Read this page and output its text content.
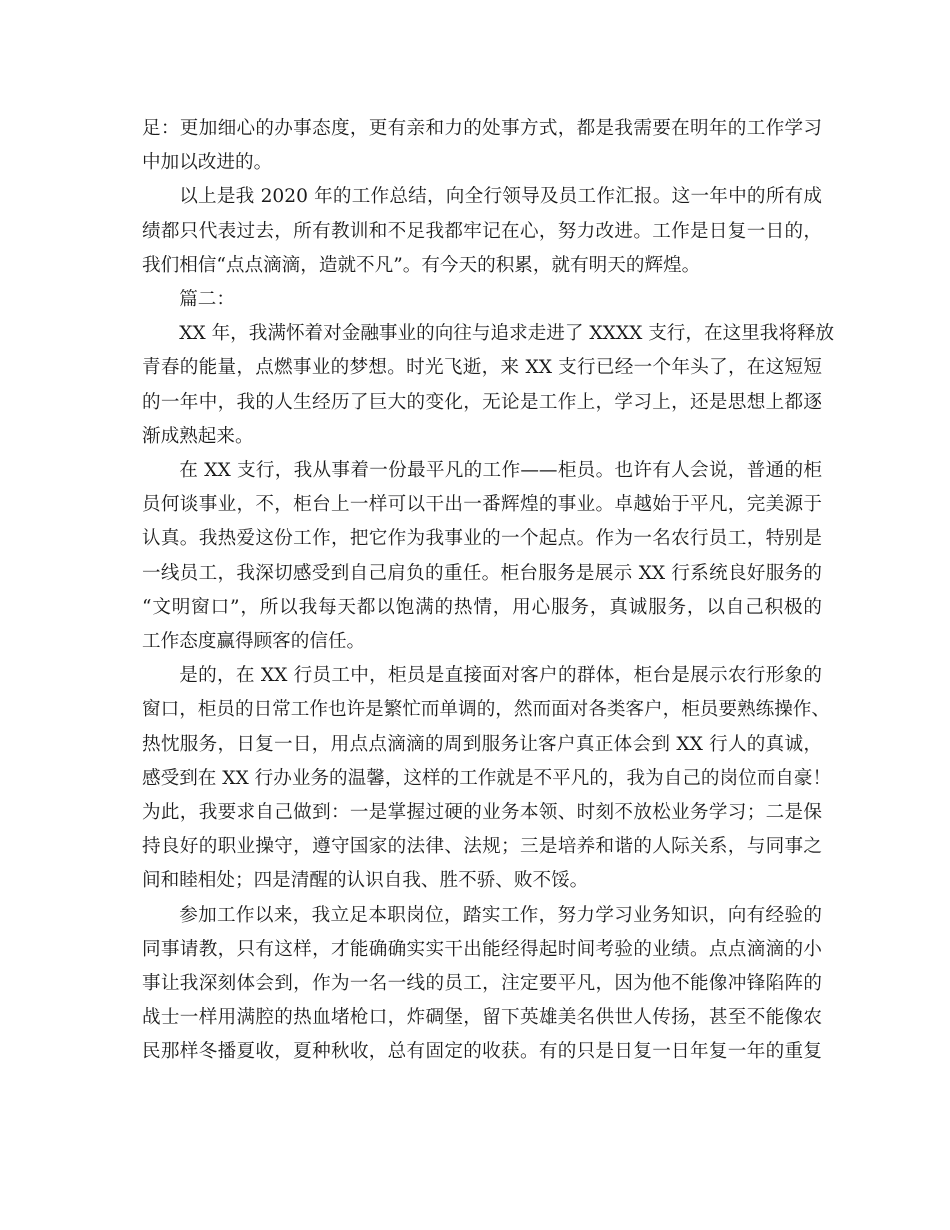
足：更加细心的办事态度，更有亲和力的处事方式，都是我需要在明年的工作学习
中加以改进的。

以上是我 2020 年的工作总结，向全行领导及员工作汇报。这一年中的所有成
绩都只代表过去，所有教训和不足我都牢记在心，努力改进。工作是日复一日的，
我们相信“点点滴滴，造就不凡”。有今天的积累，就有明天的辉煌。

篇二：

XX 年，我满怀着对金融事业的向往与追求走进了 XXXX 支行，在这里我将释放
青春的能量，点燃事业的梦想。时光飞逝，来 XX 支行已经一个年头了，在这短短
的一年中，我的人生经历了巨大的变化，无论是工作上，学习上，还是思想上都逐
渐成熟起来。

在 XX 支行，我从事着一份最平凡的工作——柜员。也许有人会说，普通的柜
员何谈事业，不，柜台上一样可以干出一番辉煌的事业。卓越始于平凡，完美源于
认真。我热爱这份工作，把它作为我事业的一个起点。作为一名农行员工，特别是
一线员工，我深切感受到自己肩负的重任。柜台服务是展示 XX 行系统良好服务的
“文明窗口”，所以我每天都以饱满的热情，用心服务，真诚服务，以自己积极的
工作态度赢得顾客的信任。

是的，在 XX 行员工中，柜员是直接面对客户的群体，柜台是展示农行形象的
窗口，柜员的日常工作也许是繁忙而单调的，然而面对各类客户，柜员要熟练操作、
热忱服务，日复一日，用点点滴滴的周到服务让客户真正体会到 XX 行人的真诚，
感受到在 XX 行办业务的温馨，这样的工作就是不平凡的，我为自己的岗位而自豪！
为此，我要求自己做到：一是掌握过硬的业务本领、时刻不放松业务学习；二是保
持良好的职业操守，遵守国家的法律、法规；三是培养和谐的人际关系，与同事之
间和睦相处；四是清醒的认识自我、胜不骄、败不馁。

参加工作以来，我立足本职岗位，踏实工作，努力学习业务知识，向有经验的
同事请教，只有这样，才能确确实实干出能经得起时间考验的业绩。点点滴滴的小
事让我深刻体会到，作为一名一线的员工，注定要平凡，因为他不能像冲锋陷阵的
战士一样用满腔的热血堵枪口，炸碉堡，留下英雄美名供世人传扬，甚至不能像农
民那样冬播夏收，夏种秋收，总有固定的收获。有的只是日复一日年复一年的重复
